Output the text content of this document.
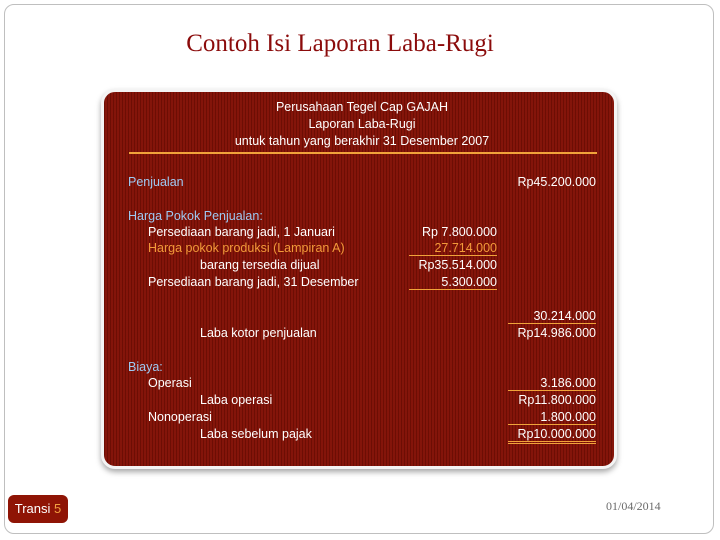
Contoh Isi Laporan Laba-Rugi
Perusahaan Tegel Cap GAJAH
Laporan Laba-Rugi
untuk tahun yang berakhir 31 Desember 2007
Penjualan	Rp45.200.000
Harga Pokok Penjualan:
Persediaan barang jadi, 1 Januari	Rp 7.800.000
Harga pokok produksi (Lampiran A)	27.714.000
barang tersedia dijual	Rp35.514.000
Persediaan barang jadi, 31 Desember	5.300.000
30.214.000
Laba kotor penjualan	Rp14.986.000
Biaya:
Operasi	3.186.000
Laba operasi	Rp11.800.000
Nonoperasi	1.800.000
Laba sebelum pajak	Rp10.000.000
Transi 5	01/04/2014
